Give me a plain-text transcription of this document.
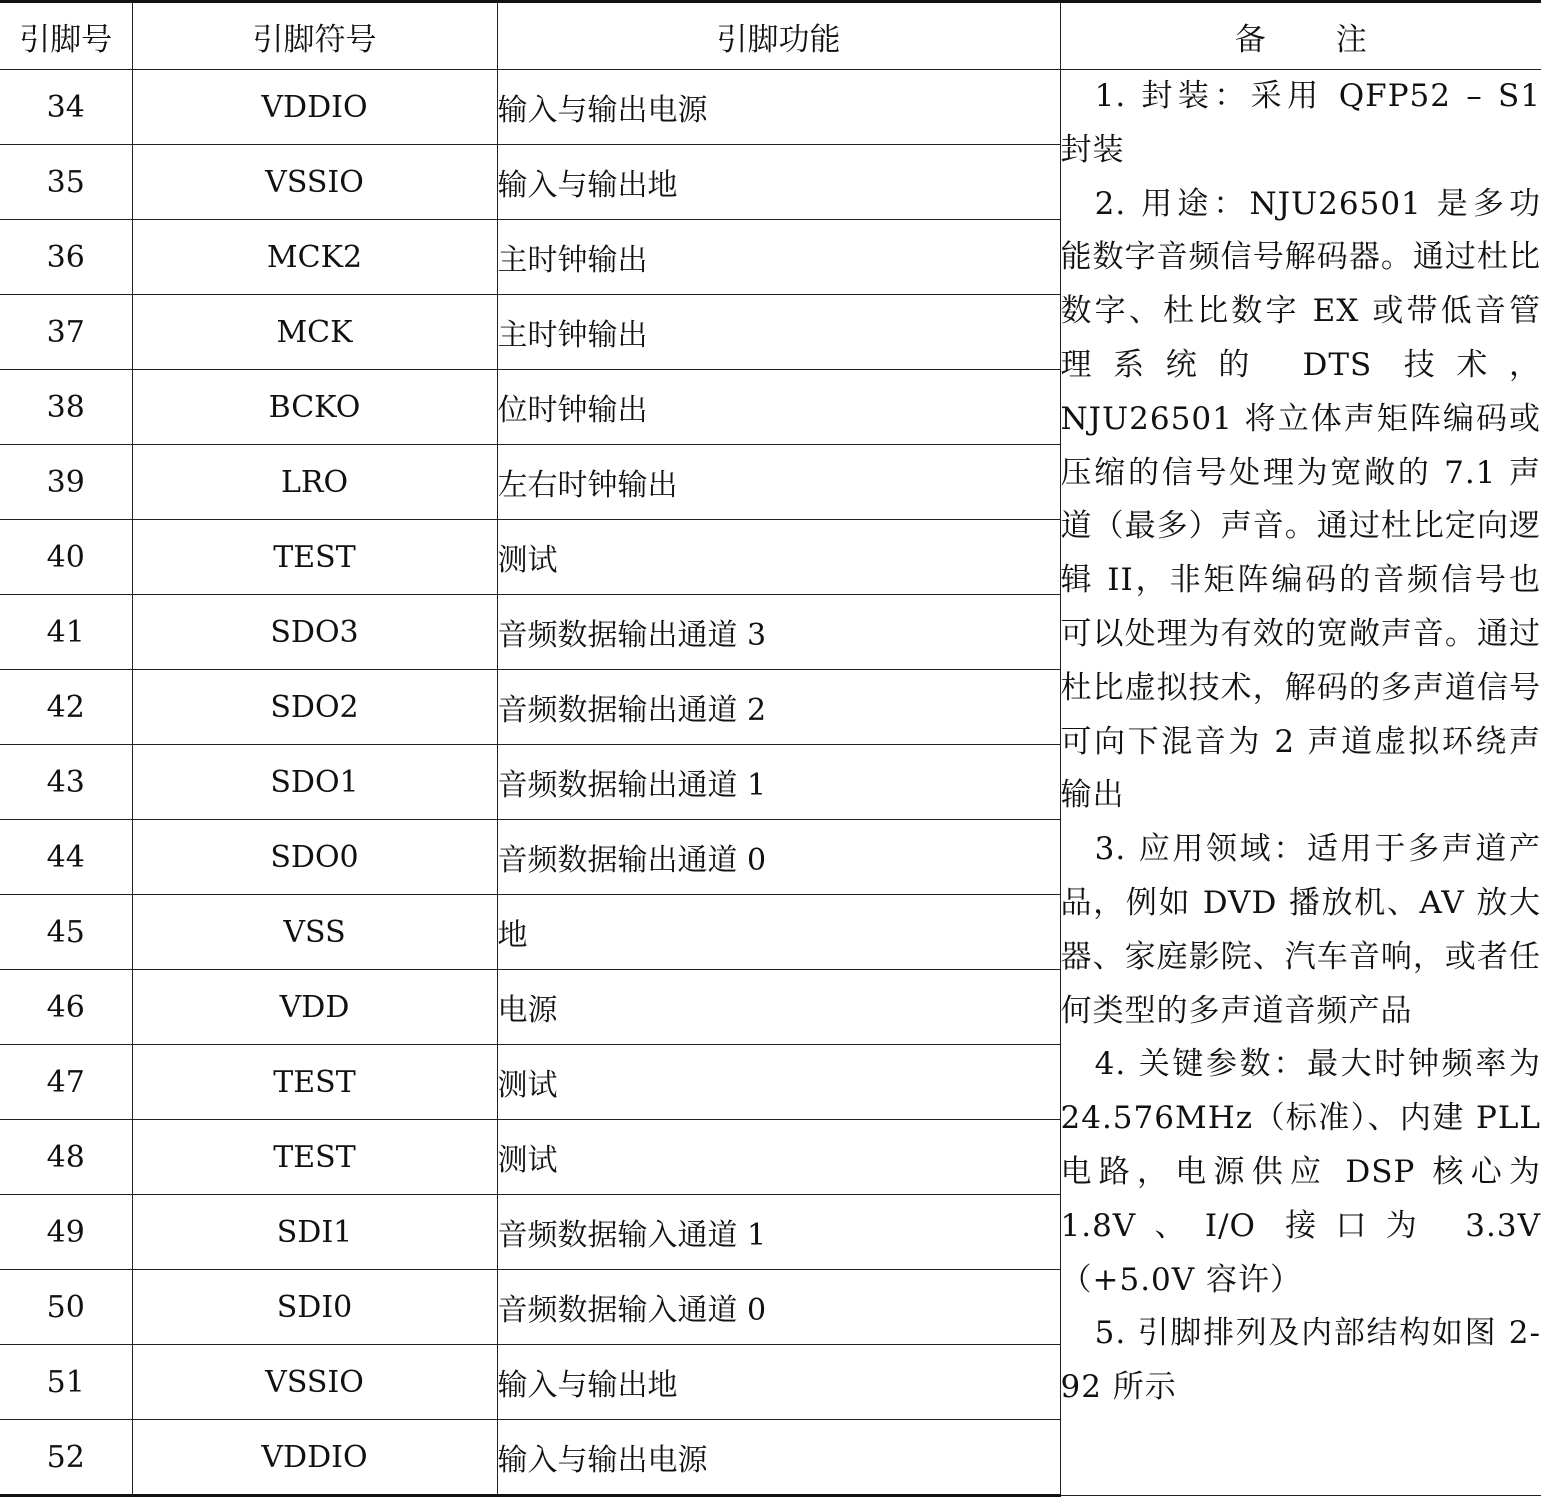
引脚号	引脚符号	引脚功能	备 注
34	VDDIO	输入与输出电源	1. 封装：采用 QFP52 – S1 封装

2. 用途：NJU26501 是多功能数字音频信号解码器。通过杜比数字、杜比数字 EX 或带低音管理系统的 DTS 技术，NJU26501 将立体声矩阵编码或压缩的信号处理为宽敞的 7.1 声道（最多）声音。通过杜比定向逻辑 II，非矩阵编码的音频信号也可以处理为有效的宽敞声音。通过杜比虚拟技术，解码的多声道信号可向下混音为 2 声道虚拟环绕声输出

3. 应用领域：适用于多声道产品，例如 DVD 播放机、AV 放大器、家庭影院、汽车音响，或者任何类型的多声道音频产品

4. 关键参数：最大时钟频率为 24.576MHz（标准）、内建 PLL 电路，电源供应 DSP 核心为 1.8V、I/O 接口为 3.3V（+5.0V 容许）

5. 引脚排列及内部结构如图 2-92 所示

35	VSSIO	输入与输出地	
36	MCK2	主时钟输出	
37	MCK	主时钟输出	
38	BCKO	位时钟输出	
39	LRO	左右时钟输出	
40	TEST	测试	
41	SDO3	音频数据输出通道 3	
42	SDO2	音频数据输出通道 2	
43	SDO1	音频数据输出通道 1	
44	SDO0	音频数据输出通道 0	
45	VSS	地	
46	VDD	电源	
47	TEST	测试	
48	TEST	测试	
49	SDI1	音频数据输入通道 1	
50	SDI0	音频数据输入通道 0	
51	VSSIO	输入与输出地	
52	VDDIO	输入与输出电源	
